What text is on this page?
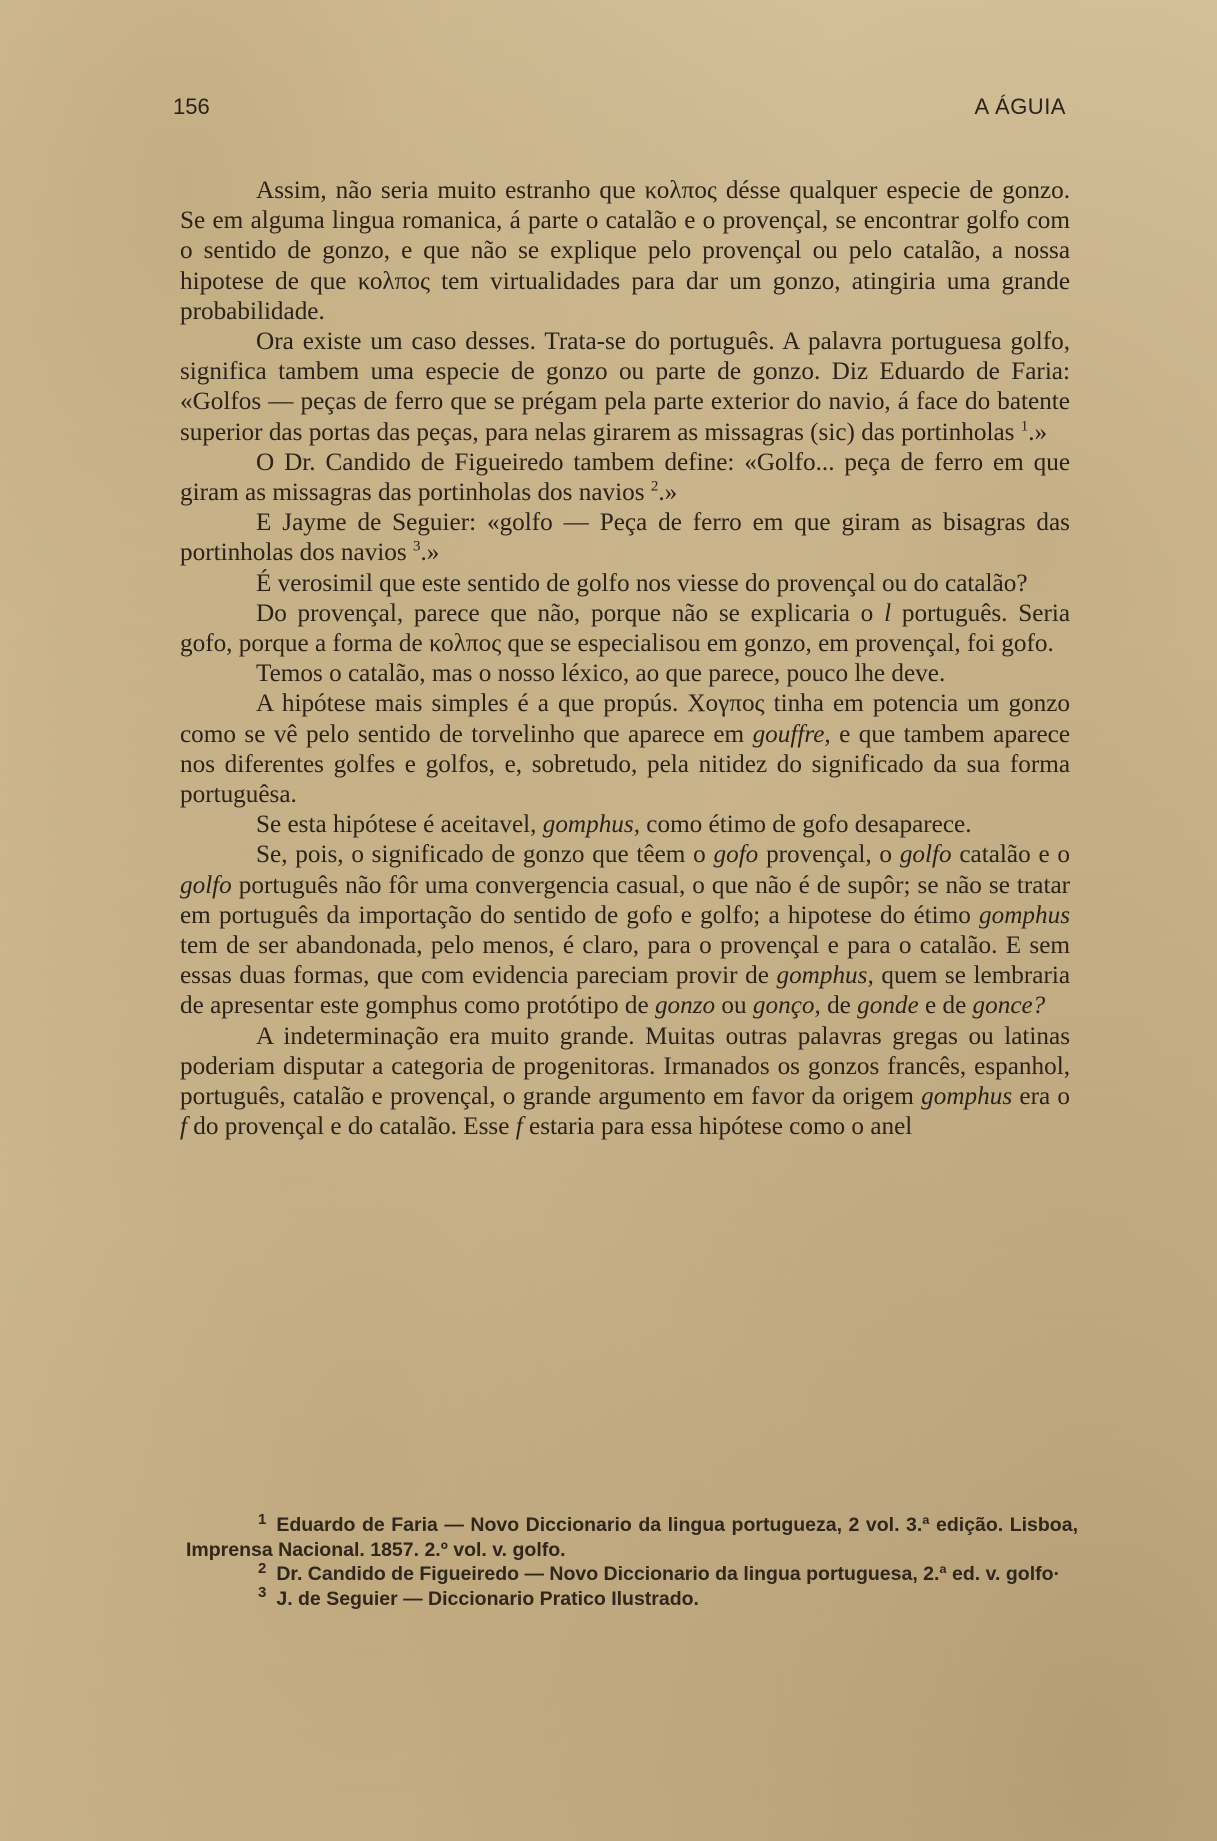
156	A ÁGUIA

Assim, não seria muito estranho que κολπος désse qualquer especie de gonzo. Se em alguma lingua romanica, á parte o catalão e o provençal, se encontrar golfo com o sentido de gonzo, e que não se explique pelo provençal ou pelo catalão, a nossa hipotese de que κολπος tem virtualidades para dar um gonzo, atingiria uma grande probabilidade.

Ora existe um caso desses. Trata-se do português. A palavra portuguesa golfo, significa tambem uma especie de gonzo ou parte de gonzo. Diz Eduardo de Faria: «Golfos — peças de ferro que se prégam pela parte exterior do navio, á face do batente superior das portas das peças, para nelas girarem as missagras (sic) das portinholas $^1$.»

O Dr. Candido de Figueiredo tambem define: «Golfo... peça de ferro em que giram as missagras das portinholas dos navios $^2$.»

E Jayme de Seguier: «golfo — Peça de ferro em que giram as bisagras das portinholas dos navios $^3$.»

É verosimil que este sentido de golfo nos viesse do provençal ou do catalão?

Do provençal, parece que não, porque não se explicaria o l português. Seria gofo, porque a forma de κολπος que se especialisou em gonzo, em provençal, foi gofo.

Temos o catalão, mas o nosso léxico, ao que parece, pouco lhe deve.

A hipótese mais simples é a que propús. Χογπος tinha em potencia um gonzo como se vê pelo sentido de torvelinho que aparece em gouffre, e que tambem aparece nos diferentes golfes e golfos, e, sobretudo, pela nitidez do significado da sua forma portuguêsa.

Se esta hipótese é aceitavel, gomphus, como étimo de gofo desaparece.

Se, pois, o significado de gonzo que têem o gofo provençal, o golfo catalão e o golfo português não fôr uma convergencia casual, o que não é de supôr; se não se tratar em português da importação do sentido de gofo e golfo; a hipotese do étimo gomphus tem de ser abandonada, pelo menos, é claro, para o provençal e para o catalão. E sem essas duas formas, que com evidencia pareciam provir de gomphus, quem se lembraria de apresentar este gomphus como protótipo de gonzo ou gonço, de gonde e de gonce?

A indeterminação era muito grande. Muitas outras palavras gregas ou latinas poderiam disputar a categoria de progenitoras. Irmanados os gonzos francês, espanhol, português, catalão e provençal, o grande argumento em favor da origem gomphus era o f do provençal e do catalão. Esse f estaria para essa hipótese como o anel

$^1$ Eduardo de Faria — Novo Diccionario da lingua portugueza, 2 vol. 3.ª edição. Lisboa, Imprensa Nacional. 1857. 2.º vol. v. golfo.

$^2$ Dr. Candido de Figueiredo — Novo Diccionario da lingua portuguesa, 2.ª ed. v. golfo·

$^3$ J. de Seguier — Diccionario Pratico Ilustrado.
